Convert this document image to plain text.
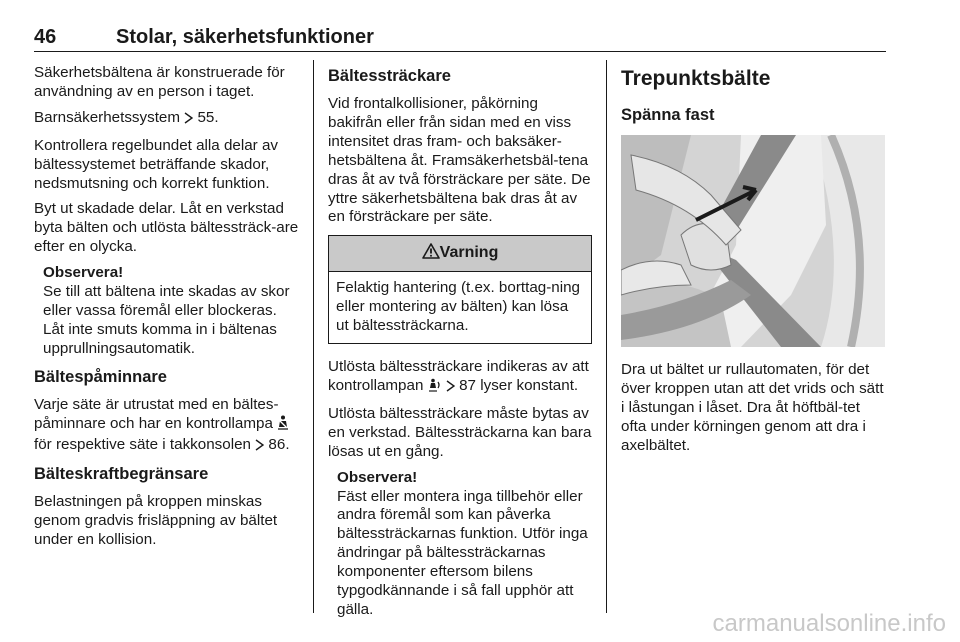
46	Stolar, säkerhetsfunktioner

Säkerhetsbältena är konstruerade för användning av en person i taget.

Barnsäkerhetssystem  55.

Kontrollera regelbundet alla delar av bältessystemet beträffande skador, nedsmutsning och korrekt funktion.

Byt ut skadade delar. Låt en verkstad byta bälten och utlösta bältessträck-are efter en olycka.

Observera!
Se till att bältena inte skadas av skor eller vassa föremål eller blockeras. Låt inte smuts komma in i bältenas upprullningsautomatik.
Bältespåminnare

Varje säte är utrustat med en bältes-påminnare och har en kontrollampa  för respektive säte i takkonsolen  86.

Bälteskraftbegränsare

Belastningen på kroppen minskas genom gradvis frisläppning av bältet under en kollision.

Bältessträckare

Vid frontalkollisioner, påkörning bakifrån eller från sidan med en viss intensitet dras fram- och baksäker-hetsbältena åt. Framsäkerhetsbäl-tena dras åt av två försträckare per säte. De yttre säkerhetsbältena bak dras åt av en försträckare per säte.

Varning
Felaktig hantering (t.ex. borttag-ning eller montering av bälten) kan lösa ut bältessträckarna.

Utlösta bältessträckare indikeras av att kontrollampan   87 lyser konstant.

Utlösta bältessträckare måste bytas av en verkstad. Bältessträckarna kan bara lösas ut en gång.

Observera!
Fäst eller montera inga tillbehör eller andra föremål som kan påverka bältessträckarnas funktion. Utför inga ändringar på bältessträckarnas komponenter eftersom bilens typgodkännande i så fall upphör att gälla.
Trepunktsbälte
Spänna fast

Dra ut bältet ur rullautomaten, för det över kroppen utan att det vrids och sätt i låstungan i låset. Dra åt höftbäl-tet ofta under körningen genom att dra i axelbältet.

carmanualsonline.info
